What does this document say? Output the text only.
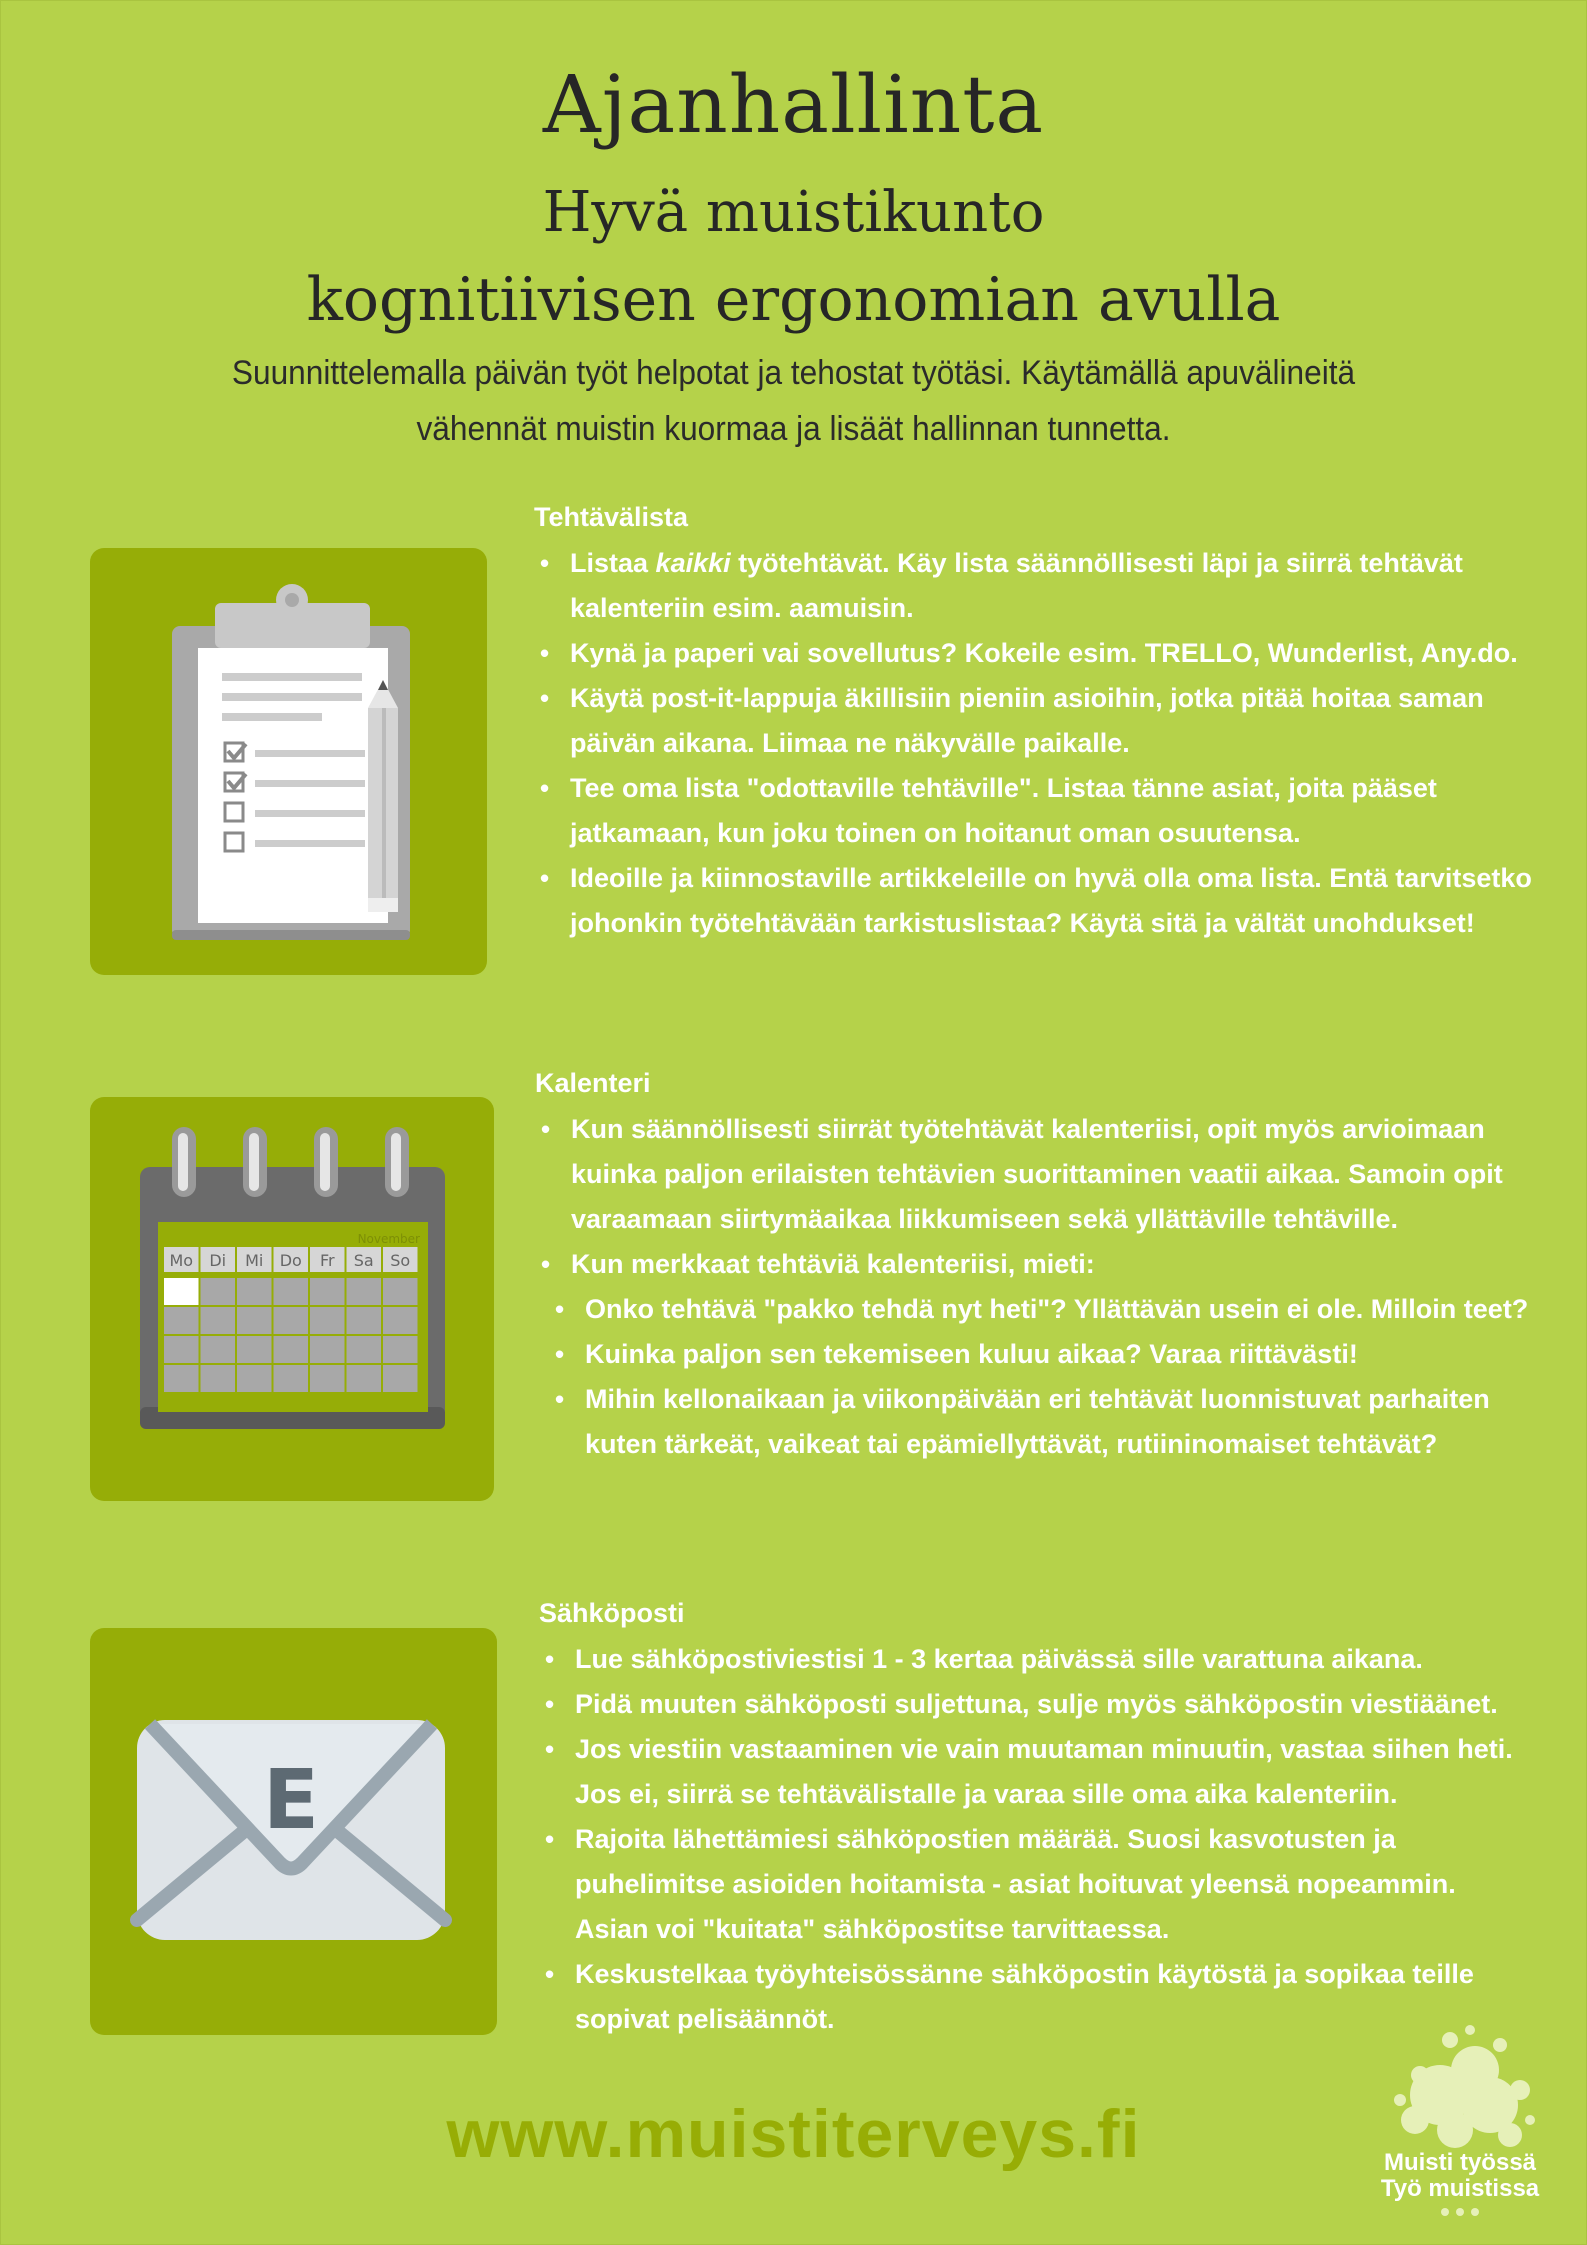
Ajanhallinta
Hyvä muistikunto
kognitiivisen ergonomian avulla
Suunnittelemalla päivän työt helpotat ja tehostat työtäsi. Käytämällä apuvälineitä
vähennät muistin kuormaa ja lisäät hallinnan tunnetta.
November
Mo Di Mi Do Fr Sa So
E
Tehtävälista
• Listaa kaikki työtehtävät. Käy lista säännöllisesti läpi ja siirrä tehtävät kalenteriin esim. aamuisin.
• Kynä ja paperi vai sovellutus? Kokeile esim. TRELLO, Wunderlist, Any.do.
• Käytä post-it-lappuja äkillisiin pieniin asioihin, jotka pitää hoitaa saman päivän aikana. Liimaa ne näkyvälle paikalle.
• Tee oma lista "odottaville tehtäville". Listaa tänne asiat, joita pääset jatkamaan, kun joku toinen on hoitanut oman osuutensa.
• Ideoille ja kiinnostaville artikkeleille on hyvä olla oma lista. Entä tarvitsetko johonkin työtehtävään tarkistuslistaa? Käytä sitä ja vältät unohdukset!
Kalenteri
• Kun säännöllisesti siirrät työtehtävät kalenteriisi, opit myös arvioimaan kuinka paljon erilaisten tehtävien suorittaminen vaatii aikaa. Samoin opit varaamaan siirtymäaikaa liikkumiseen sekä yllättäville tehtäville.
• Kun merkkaat tehtäviä kalenteriisi, mieti:
• Onko tehtävä "pakko tehdä nyt heti"? Yllättävän usein ei ole. Milloin teet?
• Kuinka paljon sen tekemiseen kuluu aikaa? Varaa riittävästi!
• Mihin kellonaikaan ja viikonpäivään eri tehtävät luonnistuvat parhaiten kuten tärkeät, vaikeat tai epämiellyttävät, rutiininomaiset tehtävät?
Sähköposti
• Lue sähköpostiviestisi 1 - 3 kertaa päivässä sille varattuna aikana.
• Pidä muuten sähköposti suljettuna, sulje myös sähköpostin viestiäänet.
• Jos viestiin vastaaminen vie vain muutaman minuutin, vastaa siihen heti. Jos ei, siirrä se tehtävälistalle ja varaa sille oma aika kalenteriin.
• Rajoita lähettämiesi sähköpostien määrää. Suosi kasvotusten ja puhelimitse asioiden hoitamista - asiat hoituvat yleensä nopeammin. Asian voi "kuitata" sähköpostitse tarvittaessa.
• Keskustelkaa työyhteisössänne sähköpostin käytöstä ja sopikaa teille sopivat pelisäännöt.
www.muistiterveys.fi	Muisti työssä
Työ muistissa
